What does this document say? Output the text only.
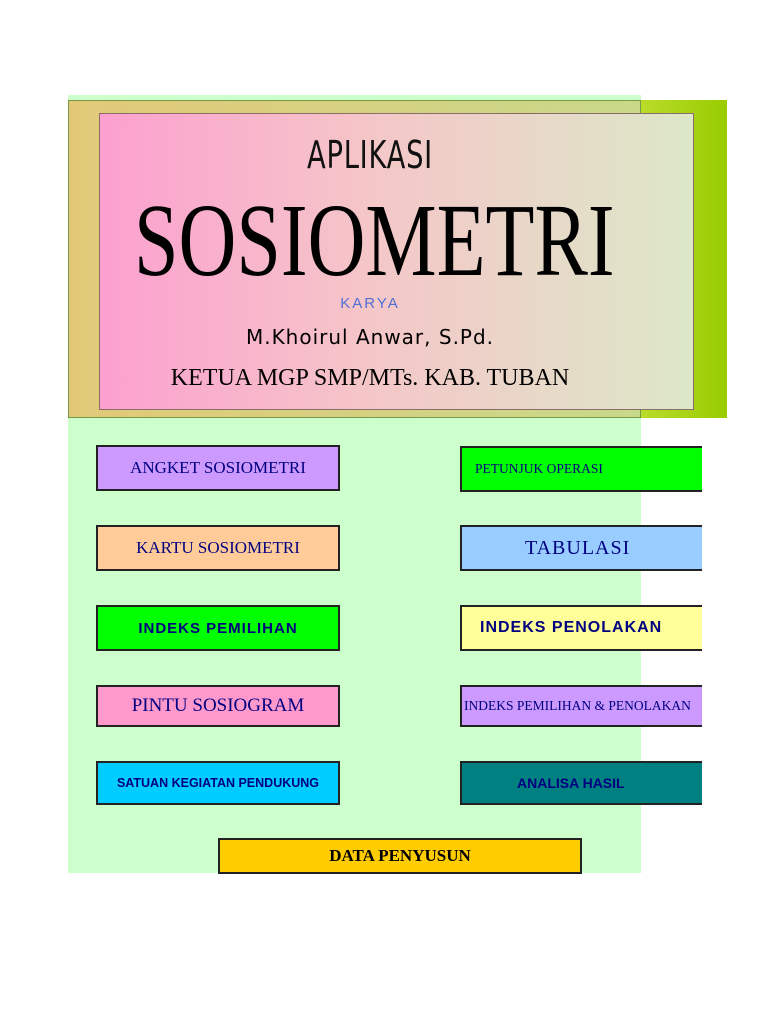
APLIKASI
SOSIOMETRI
KARYA
M.Khoirul Anwar, S.Pd.
KETUA MGP SMP/MTs. KAB. TUBAN
ANGKET SOSIOMETRI
KARTU SOSIOMETRI
INDEKS PEMILIHAN
PINTU SOSIOGRAM
SATUAN KEGIATAN PENDUKUNG
PETUNJUK OPERASI
TABULASI
INDEKS PENOLAKAN
INDEKS PEMILIHAN & PENOLAKAN
ANALISA HASIL
DATA PENYUSUN
